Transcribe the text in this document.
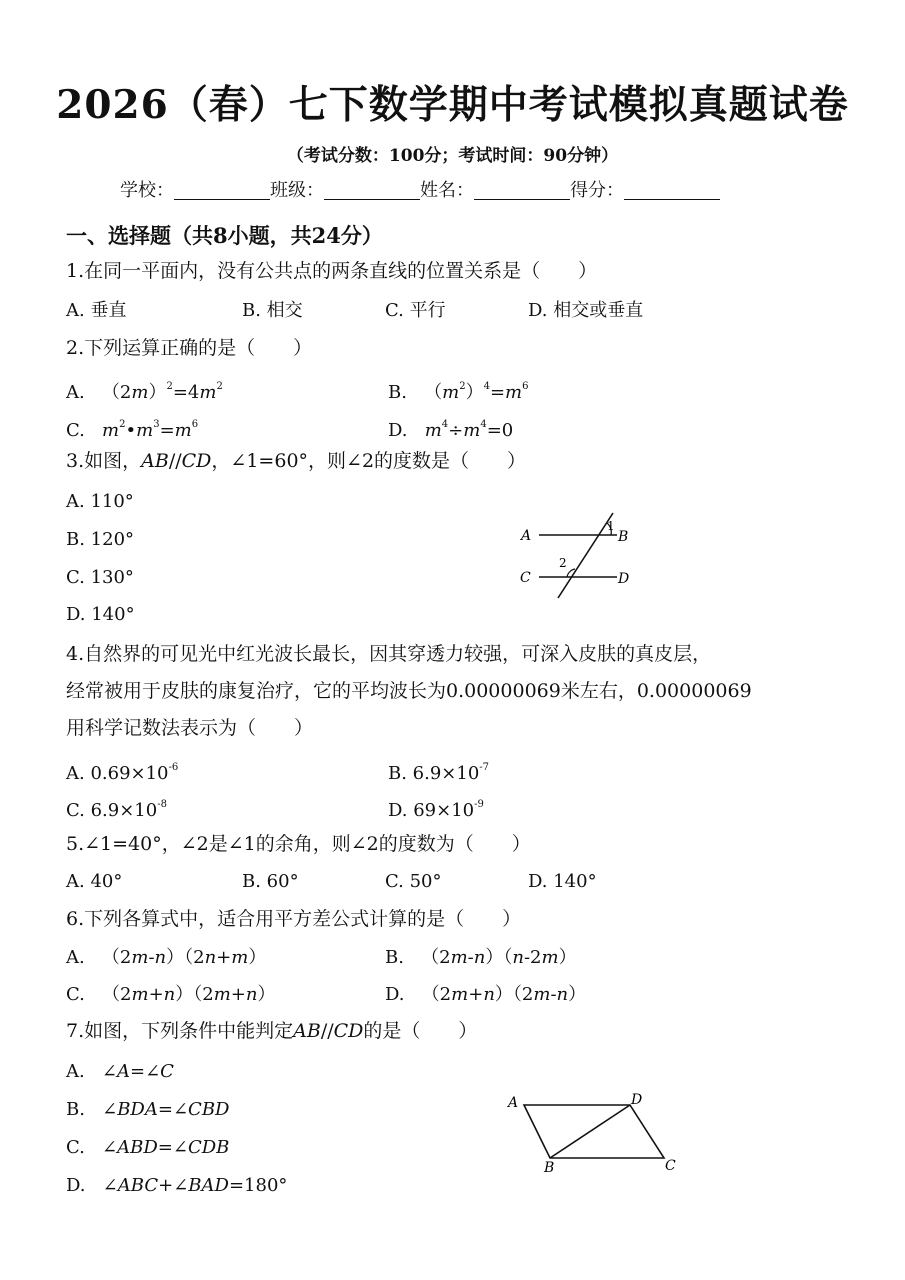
2026（春）七下数学期中考试模拟真题试卷
（考试分数：100分；考试时间：90分钟）
学校：	班级：	姓名：	得分：
一、选择题（共8小题，共24分）
1.在同一平面内，没有公共点的两条直线的位置关系是（　　）
A. 垂直	B. 相交	C. 平行	D. 相交或垂直
2.下列运算正确的是（　　）
A.   $(2m)^2=4m^2$	B.   $(m^2)^4=m^6$
C. $m^2•m^3=m^6$	D. $m^4\div m^4=0$
3.如图，AB//CD，∠1=60°，则∠2的度数是（　　）
A. 110°
B. 120°
C. 130°
D. 140°
A	B
C	D
1
2
4.自然界的可见光中红光波长最长，因其穿透力较强，可深入皮肤的真皮层，
经常被用于皮肤的康复治疗，它的平均波长为0.00000069米左右，0.00000069
用科学记数法表示为（　　）
A. $0.69\times 10^{-6}$	B. $6.9\times 10^{-7}$
C. $6.9\times 10^{-8}$	D. $69\times 10^{-9}$
5.∠1=40°，∠2是∠1的余角，则∠2的度数为（　　）
A. 40°	B. 60°	C. 50°	D. 140°
6.下列各算式中，适合用平方差公式计算的是（　　）
A.   （2m-n）（2n+m）	B.   （2m-n）（n-2m）
C.   （2m+n）（2m+n）	D.   （2m+n）（2m-n）
7.如图，下列条件中能判定AB//CD的是（　　）
A.   ∠A=∠C
B.   ∠BDA=∠CBD
C.   ∠ABD=∠CDB
D.   ∠ABC+∠BAD=180°
A	D
B	C
